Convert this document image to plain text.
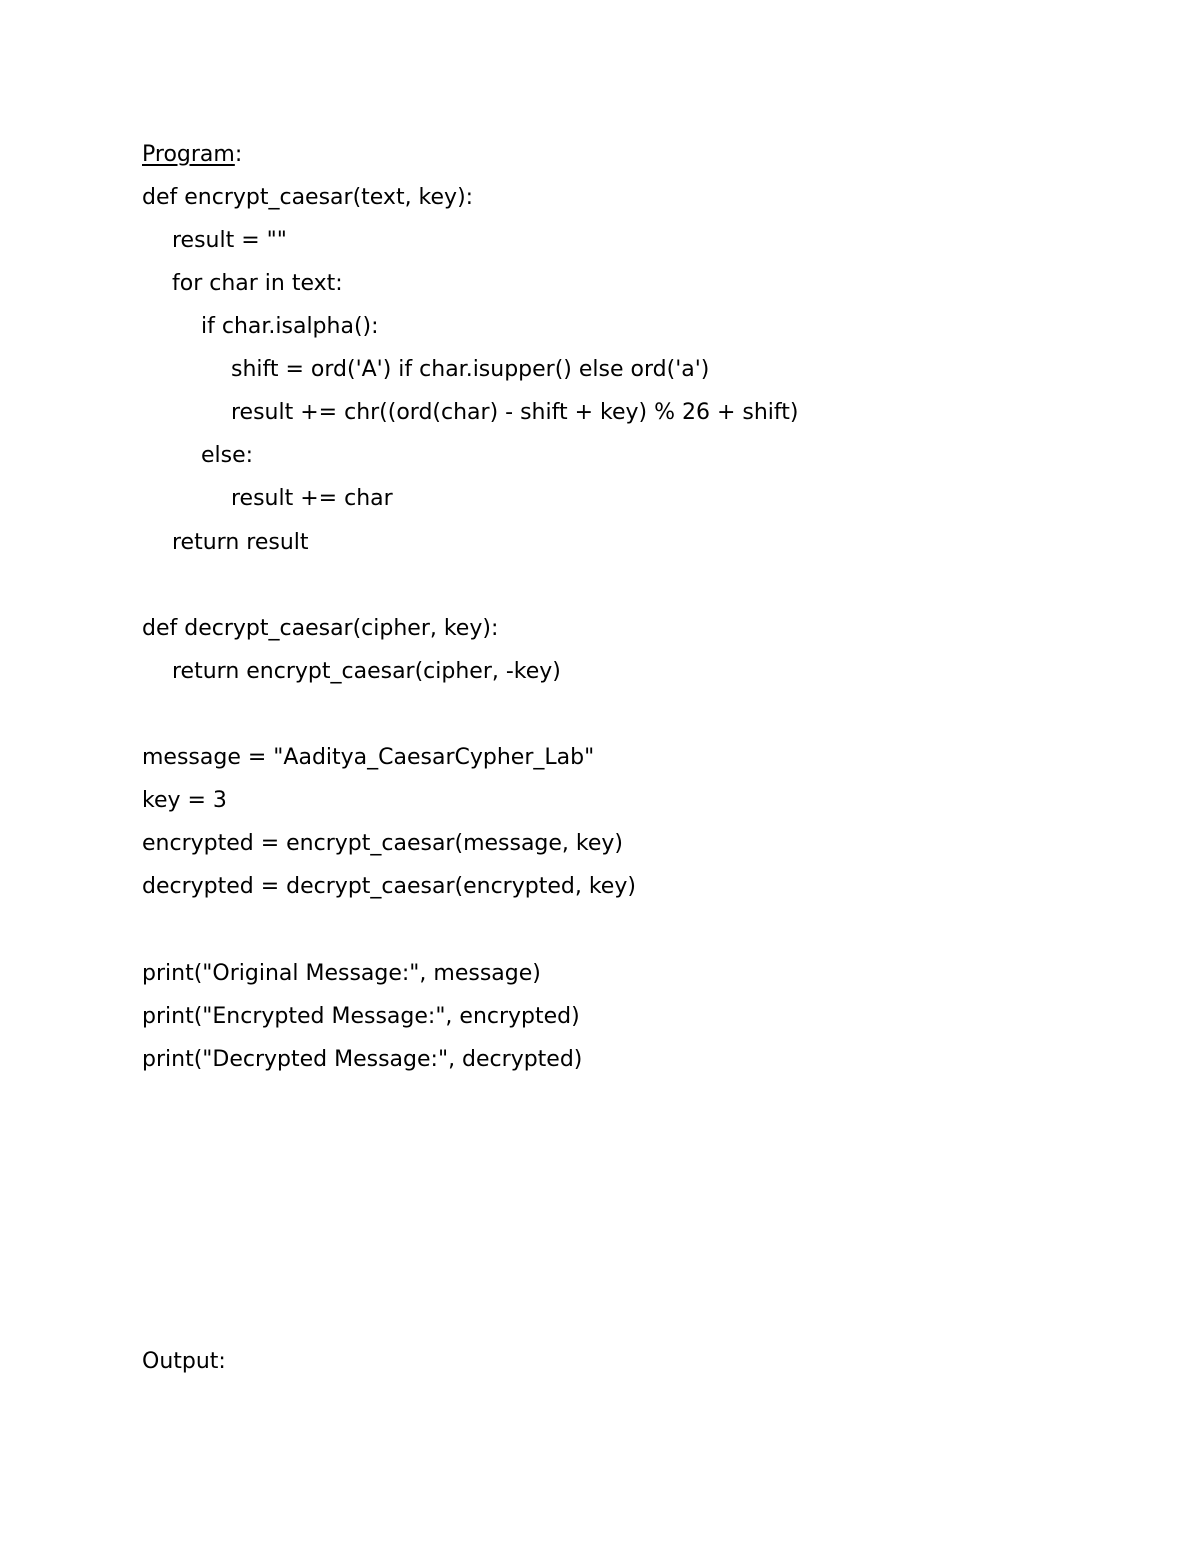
Program:
def encrypt_caesar(text, key):
result = ""
for char in text:
if char.isalpha():
shift = ord('A') if char.isupper() else ord('a')
result += chr((ord(char) - shift + key) % 26 + shift)
else:
result += char
return result
def decrypt_caesar(cipher, key):
return encrypt_caesar(cipher, -key)
message = "Aaditya_CaesarCypher_Lab"
key = 3
encrypted = encrypt_caesar(message, key)
decrypted = decrypt_caesar(encrypted, key)
print("Original Message:", message)
print("Encrypted Message:", encrypted)
print("Decrypted Message:", decrypted)
Output:
